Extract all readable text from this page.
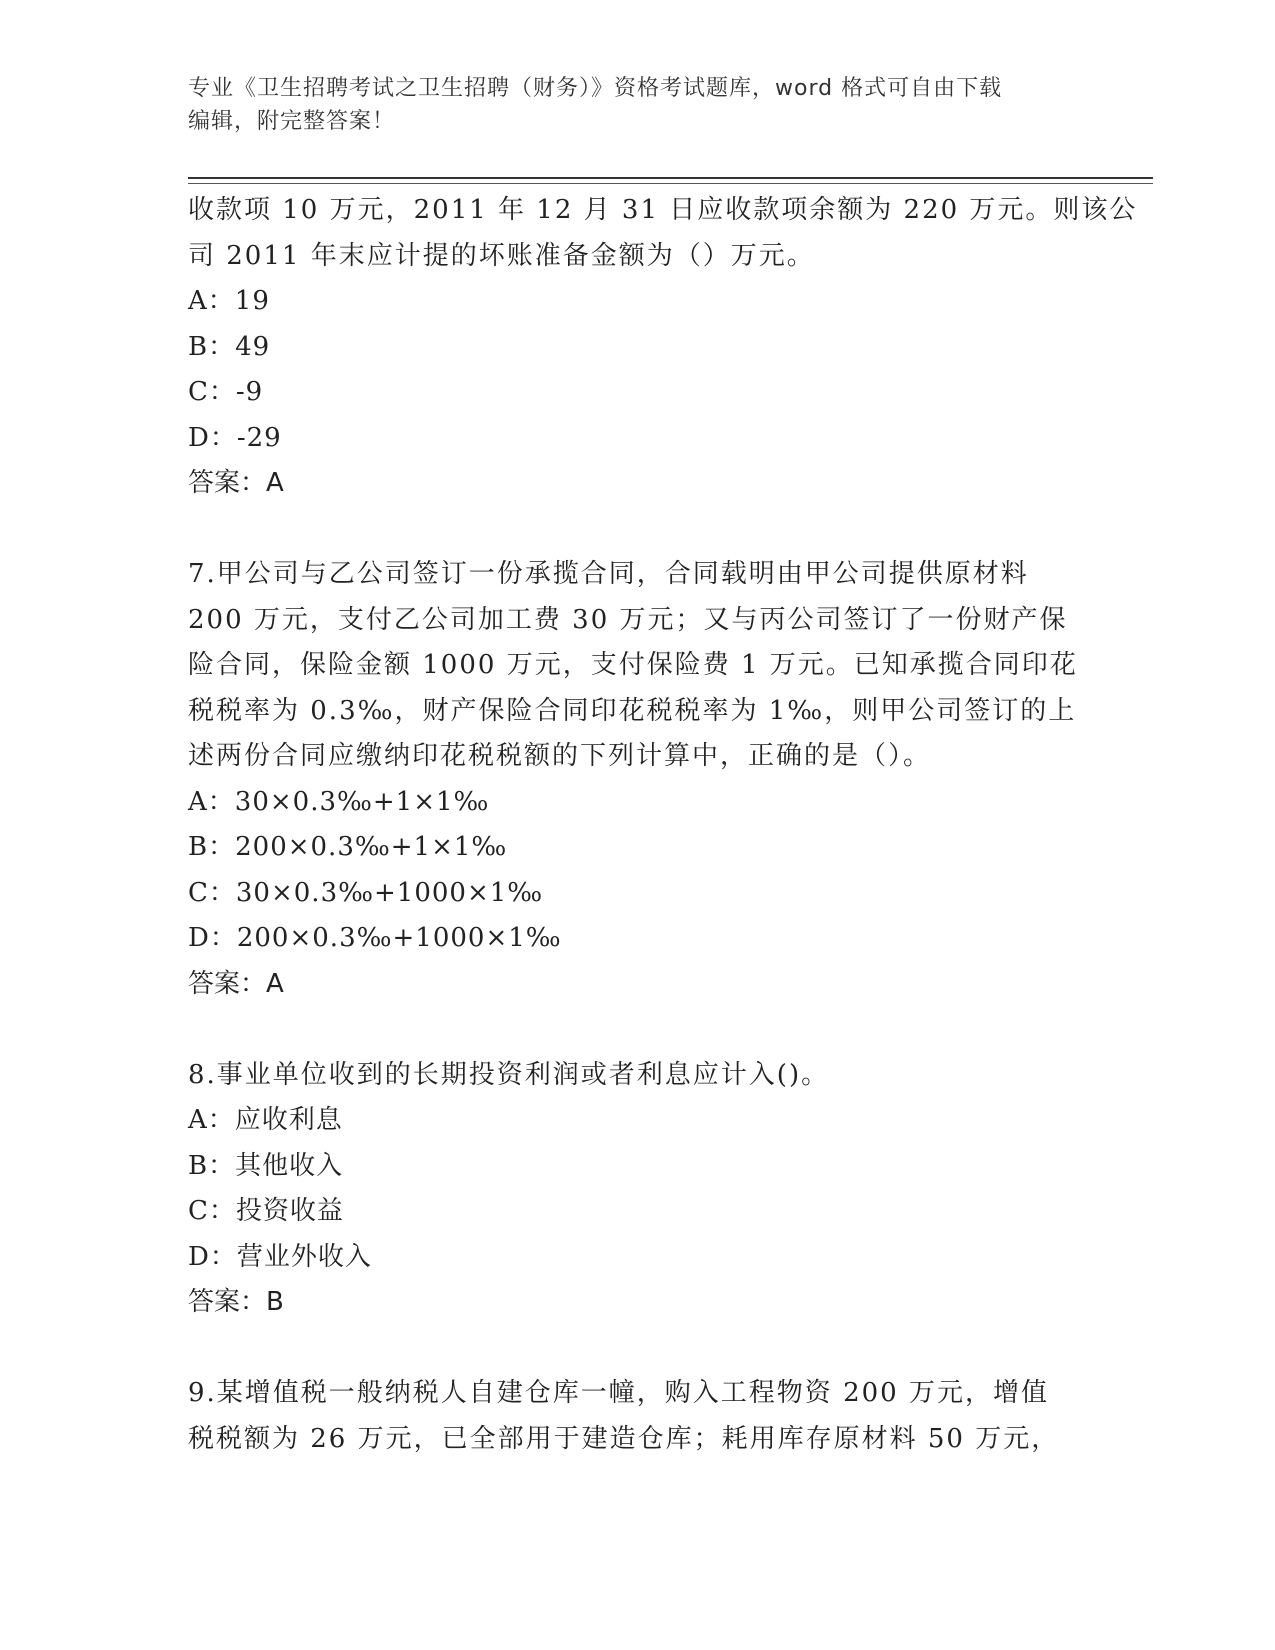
专业《卫生招聘考试之卫生招聘（财务）》资格考试题库，word 格式可自由下载
编辑，附完整答案！
收款项 10 万元，2011 年 12 月 31 日应收款项余额为 220 万元。则该公
司 2011 年末应计提的坏账准备金额为（）万元。
A：19
B：49
C：-9
D：-29
答案：A
7.甲公司与乙公司签订一份承揽合同，合同载明由甲公司提供原材料
200 万元，支付乙公司加工费 30 万元；又与丙公司签订了一份财产保
险合同，保险金额 1000 万元，支付保险费 1 万元。已知承揽合同印花
税税率为 0.3‰，财产保险合同印花税税率为 1‰，则甲公司签订的上
述两份合同应缴纳印花税税额的下列计算中，正确的是（）。
A：30×0.3‰+1×1‰
B：200×0.3‰+1×1‰
C：30×0.3‰+1000×1‰
D：200×0.3‰+1000×1‰
答案：A
8.事业单位收到的长期投资利润或者利息应计入()。
A：应收利息
B：其他收入
C：投资收益
D：营业外收入
答案：B
9.某增值税一般纳税人自建仓库一幢，购入工程物资 200 万元，增值
税税额为 26 万元，已全部用于建造仓库；耗用库存原材料 50 万元，
